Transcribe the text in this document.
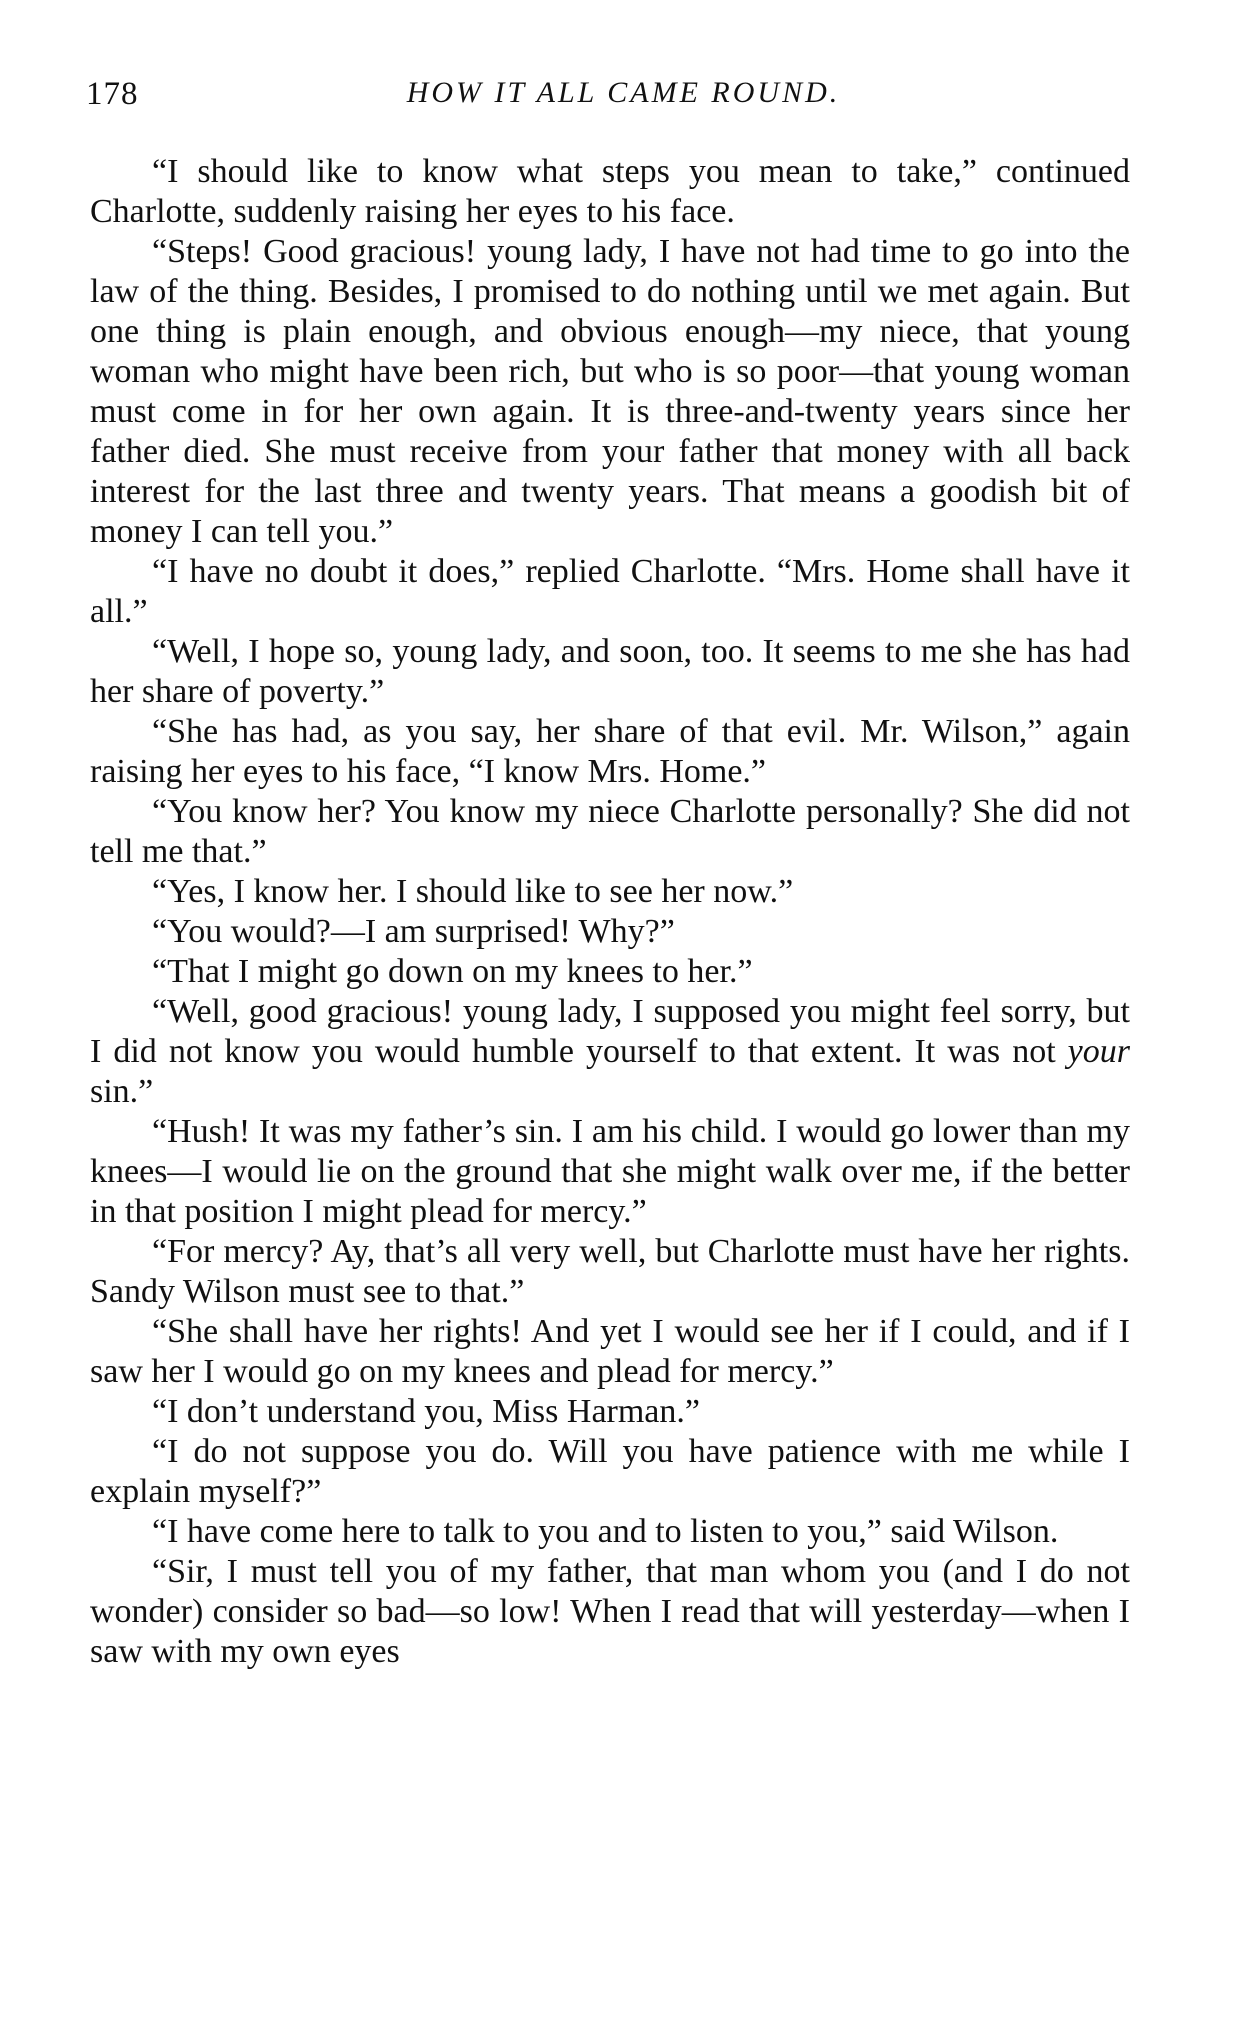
178	HOW IT ALL CAME ROUND.

“I should like to know what steps you mean to take,” continued Charlotte, suddenly raising her eyes to his face.

“Steps! Good gracious! young lady, I have not had time to go into the law of the thing. Besides, I promised to do nothing until we met again. But one thing is plain enough, and obvious enough—my niece, that young woman who might have been rich, but who is so poor—that young woman must come in for her own again. It is three-and-twenty years since her father died. She must receive from your father that money with all back interest for the last three and twenty years. That means a goodish bit of money I can tell you.”

“I have no doubt it does,” replied Charlotte. “Mrs. Home shall have it all.”

“Well, I hope so, young lady, and soon, too. It seems to me she has had her share of poverty.”

“She has had, as you say, her share of that evil. Mr. Wilson,” again raising her eyes to his face, “I know Mrs. Home.”

“You know her? You know my niece Charlotte personally? She did not tell me that.”

“Yes, I know her. I should like to see her now.”

“You would?—I am surprised! Why?”

“That I might go down on my knees to her.”

“Well, good gracious! young lady, I supposed you might feel sorry, but I did not know you would humble yourself to that extent. It was not your sin.”

“Hush! It was my father’s sin. I am his child. I would go lower than my knees—I would lie on the ground that she might walk over me, if the better in that position I might plead for mercy.”

“For mercy? Ay, that’s all very well, but Charlotte must have her rights. Sandy Wilson must see to that.”

“She shall have her rights! And yet I would see her if I could, and if I saw her I would go on my knees and plead for mercy.”

“I don’t understand you, Miss Harman.”

“I do not suppose you do. Will you have patience with me while I explain myself?”

“I have come here to talk to you and to listen to you,” said Wilson.

“Sir, I must tell you of my father, that man whom you (and I do not wonder) consider so bad—so low! When I read that will yesterday—when I saw with my own eyes
